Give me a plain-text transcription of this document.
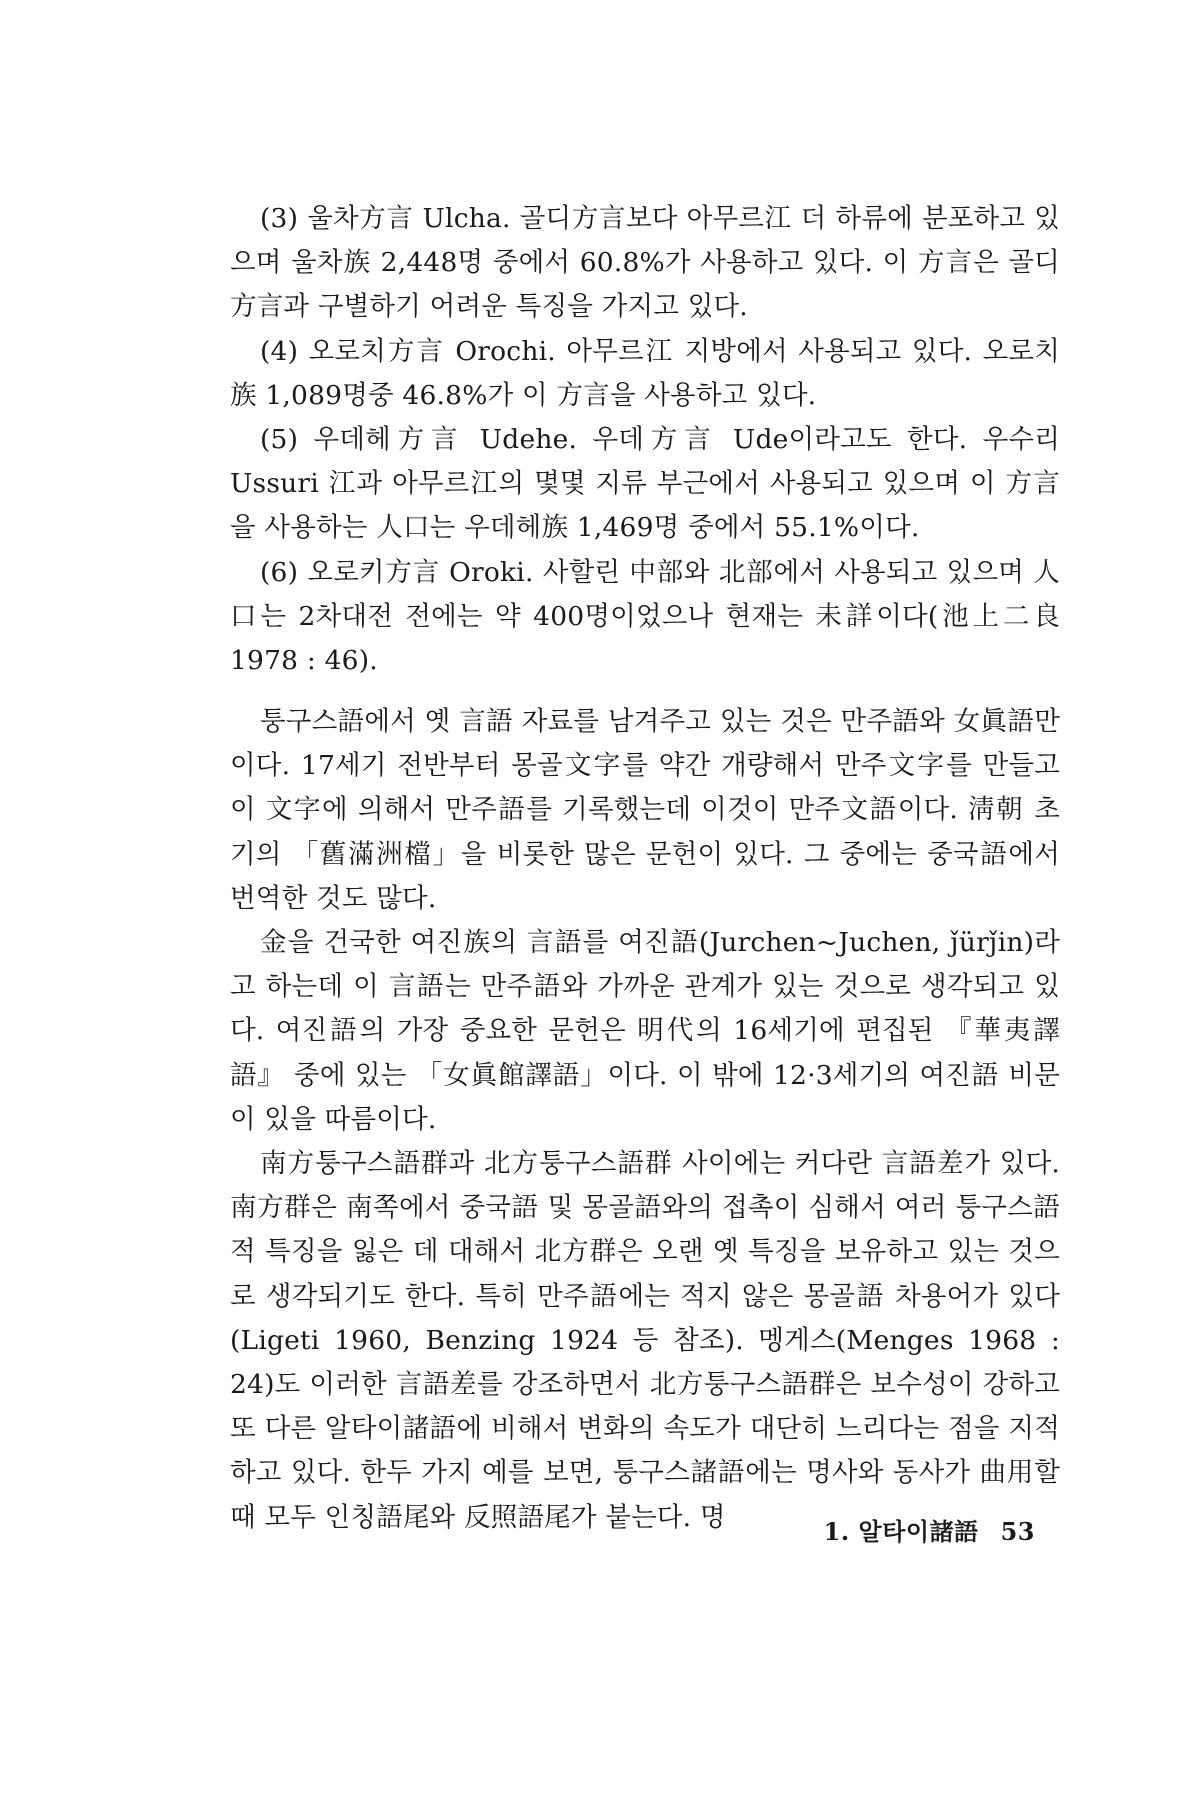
(3) 울차方言 Ulcha. 골디方言보다 아무르江 더 하류에 분포하고 있으며 울차族 2,448명 중에서 60.8%가 사용하고 있다. 이 方言은 골디方言과 구별하기 어려운 특징을 가지고 있다.

(4) 오로치方言 Orochi. 아무르江 지방에서 사용되고 있다. 오로치族 1,089명중 46.8%가 이 方言을 사용하고 있다.

(5) 우데헤方言 Udehe. 우데方言 Ude이라고도 한다. 우수리 Ussuri 江과 아무르江의 몇몇 지류 부근에서 사용되고 있으며 이 方言을 사용하는 人口는 우데헤族 1,469명 중에서 55.1%이다.

(6) 오로키方言 Oroki. 사할린 中部와 北部에서 사용되고 있으며 人口는 2차대전 전에는 약 400명이었으나 현재는 未詳이다(池上二良 1978 : 46).

퉁구스語에서 옛 言語 자료를 남겨주고 있는 것은 만주語와 女眞語만이다. 17세기 전반부터 몽골文字를 약간 개량해서 만주文字를 만들고 이 文字에 의해서 만주語를 기록했는데 이것이 만주文語이다. 淸朝 초기의 「舊滿洲檔」을 비롯한 많은 문헌이 있다. 그 중에는 중국語에서 번역한 것도 많다.

金을 건국한 여진族의 言語를 여진語(Jurchen~Juchen, ǰürǰin)라고 하는데 이 言語는 만주語와 가까운 관계가 있는 것으로 생각되고 있다. 여진語의 가장 중요한 문헌은 明代의 16세기에 편집된 『華夷譯語』 중에 있는 「女眞館譯語」이다. 이 밖에 12·3세기의 여진語 비문이 있을 따름이다.

南方퉁구스語群과 北方퉁구스語群 사이에는 커다란 言語差가 있다. 南方群은 南쪽에서 중국語 및 몽골語와의 접촉이 심해서 여러 퉁구스語적 특징을 잃은 데 대해서 北方群은 오랜 옛 특징을 보유하고 있는 것으로 생각되기도 한다. 특히 만주語에는 적지 않은 몽골語 차용어가 있다(Ligeti 1960, Benzing 1924 등 참조). 멩게스(Menges 1968 : 24)도 이러한 言語差를 강조하면서 北方퉁구스語群은 보수성이 강하고 또 다른 알타이諸語에 비해서 변화의 속도가 대단히 느리다는 점을 지적하고 있다. 한두 가지 예를 보면, 퉁구스諸語에는 명사와 동사가 曲用할 때 모두 인칭語尾와 反照語尾가 붙는다. 명	1. 알타이諸語 53
